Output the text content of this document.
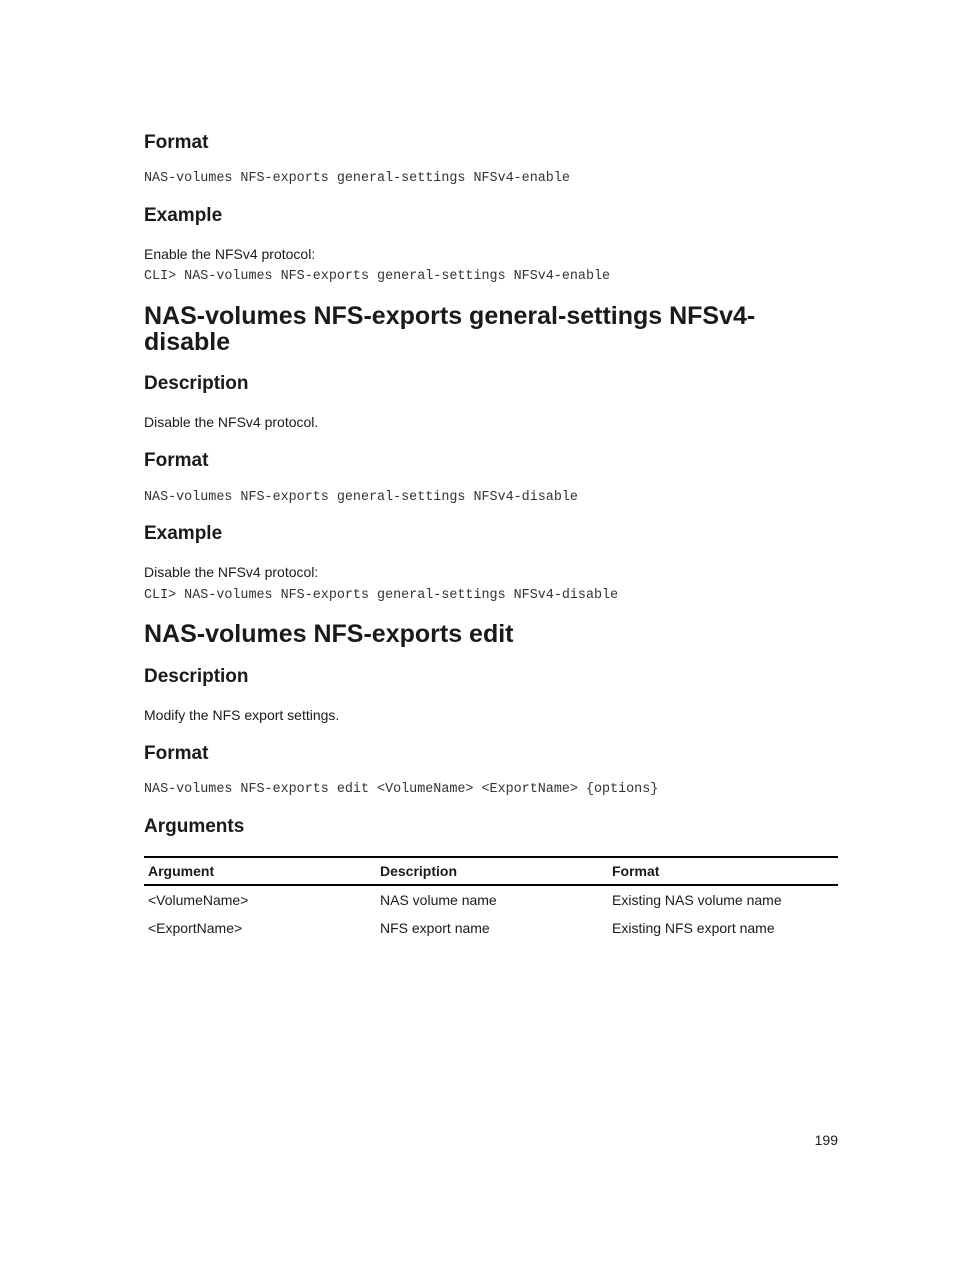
Format
NAS-volumes NFS-exports general-settings NFSv4-enable
Example

Enable the NFSv4 protocol:

CLI> NAS-volumes NFS-exports general-settings NFSv4-enable
NAS-volumes NFS-exports general-settings NFSv4-
disable
Description

Disable the NFSv4 protocol.

Format
NAS-volumes NFS-exports general-settings NFSv4-disable
Example

Disable the NFSv4 protocol:

CLI> NAS-volumes NFS-exports general-settings NFSv4-disable
NAS-volumes NFS-exports edit
Description

Modify the NFS export settings.

Format
NAS-volumes NFS-exports edit <VolumeName> <ExportName> {options}
Arguments
Argument	Description	Format
<VolumeName>	NAS volume name	Existing NAS volume name
<ExportName>	NFS export name	Existing NFS export name
199
